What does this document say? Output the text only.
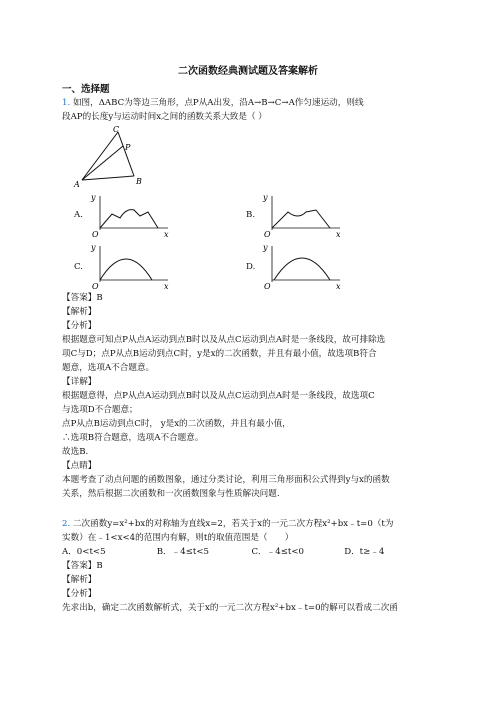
二次函数经典测试题及答案解析
一、选择题
1. 如图，ΔABC为等边三角形，点P从A出发，沿A→B→C→A作匀速运动，则线
段AP的长度y与运动时间x之间的函数关系大致是（ ）
C
P
A	B
A.
y
x
O
B.
y
x
O
C.
y
x
O
D.
y
x
O
【答案】B
【解析】
【分析】
根据题意可知点P从点A运动到点B时以及从点C运动到点A时是一条线段，故可排除选
项C与D；点P从点B运动到点C时，y是x的二次函数，并且有最小值，故选项B符合
题意，选项A不合题意。
【详解】
根据题意得，点P从点A运动到点B时以及从点C运动到点A时是一条线段，故选项C
与选项D不合题意；
点P从点B运动到点C时， y是x的二次函数，并且有最小值，
∴选项B符合题意，选项A不合题意。
故选B.
【点睛】
本题考查了动点问题的函数图象，通过分类讨论，利用三角形面积公式得到y与x的函数
关系，然后根据二次函数和一次函数图象与性质解决问题.
2. 二次函数y=x²+bx的对称轴为直线x=2，若关于x的一元二次方程x²+bx﹣t=0（t为
实数）在﹣1<x<4的范围内有解，则t的取值范围是（　　）
A．0<t<5	B．﹣4≤t<5	C．﹣4≤t<0	D．t≥﹣4
【答案】B
【解析】
【分析】
先求出b，确定二次函数解析式，关于x的一元二次方程x²+bx﹣t=0的解可以看成二次函
